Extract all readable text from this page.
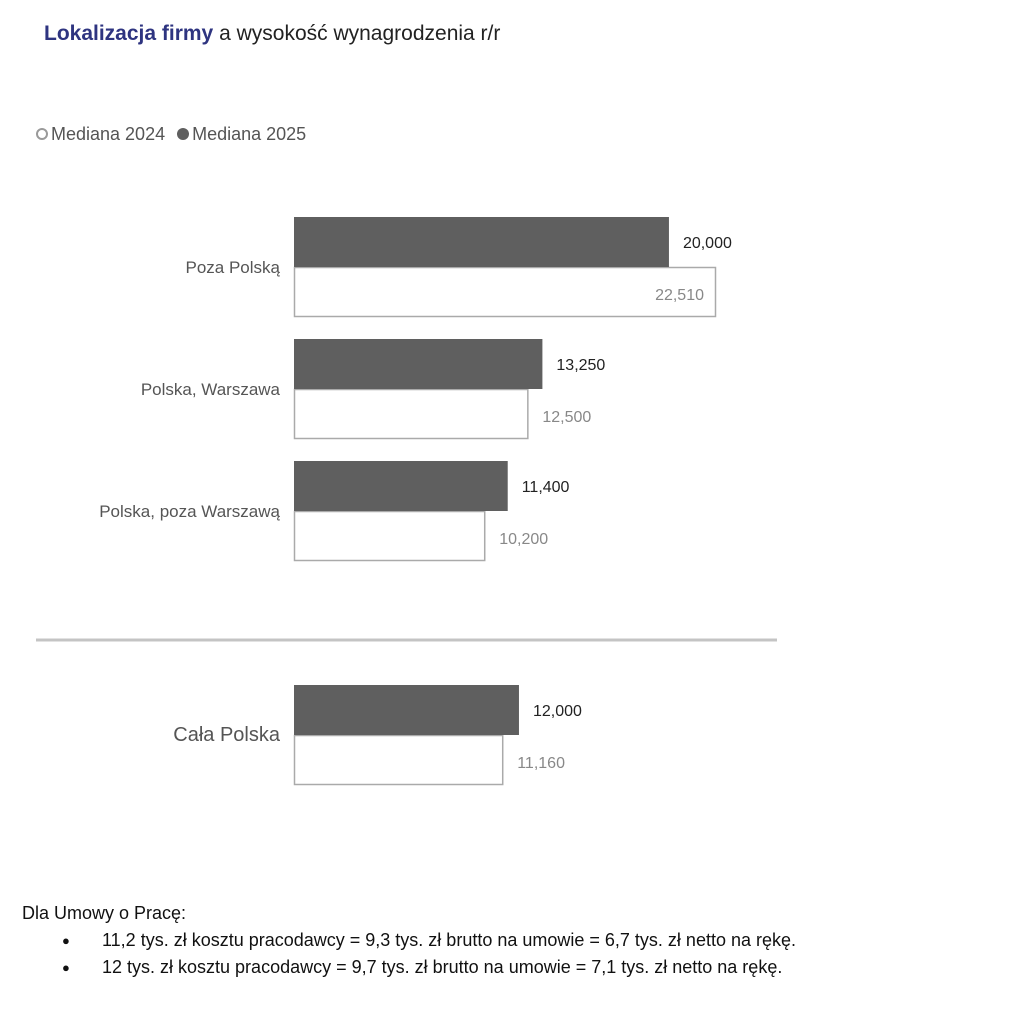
Lokalizacja firmy a wysokość wynagrodzenia r/r
Mediana 2024 Mediana 2025
Poza Polską
20,000
22,510
Polska, Warszawa
13,250
12,500
Polska, poza Warszawą
11,400
10,200
Cała Polska
12,000
11,160
Dla Umowy o Pracę:
● 11,2 tys. zł kosztu pracodawcy = 9,3 tys. zł brutto na umowie = 6,7 tys. zł netto na rękę.
● 12 tys. zł kosztu pracodawcy = 9,7 tys. zł brutto na umowie = 7,1 tys. zł netto na rękę.
